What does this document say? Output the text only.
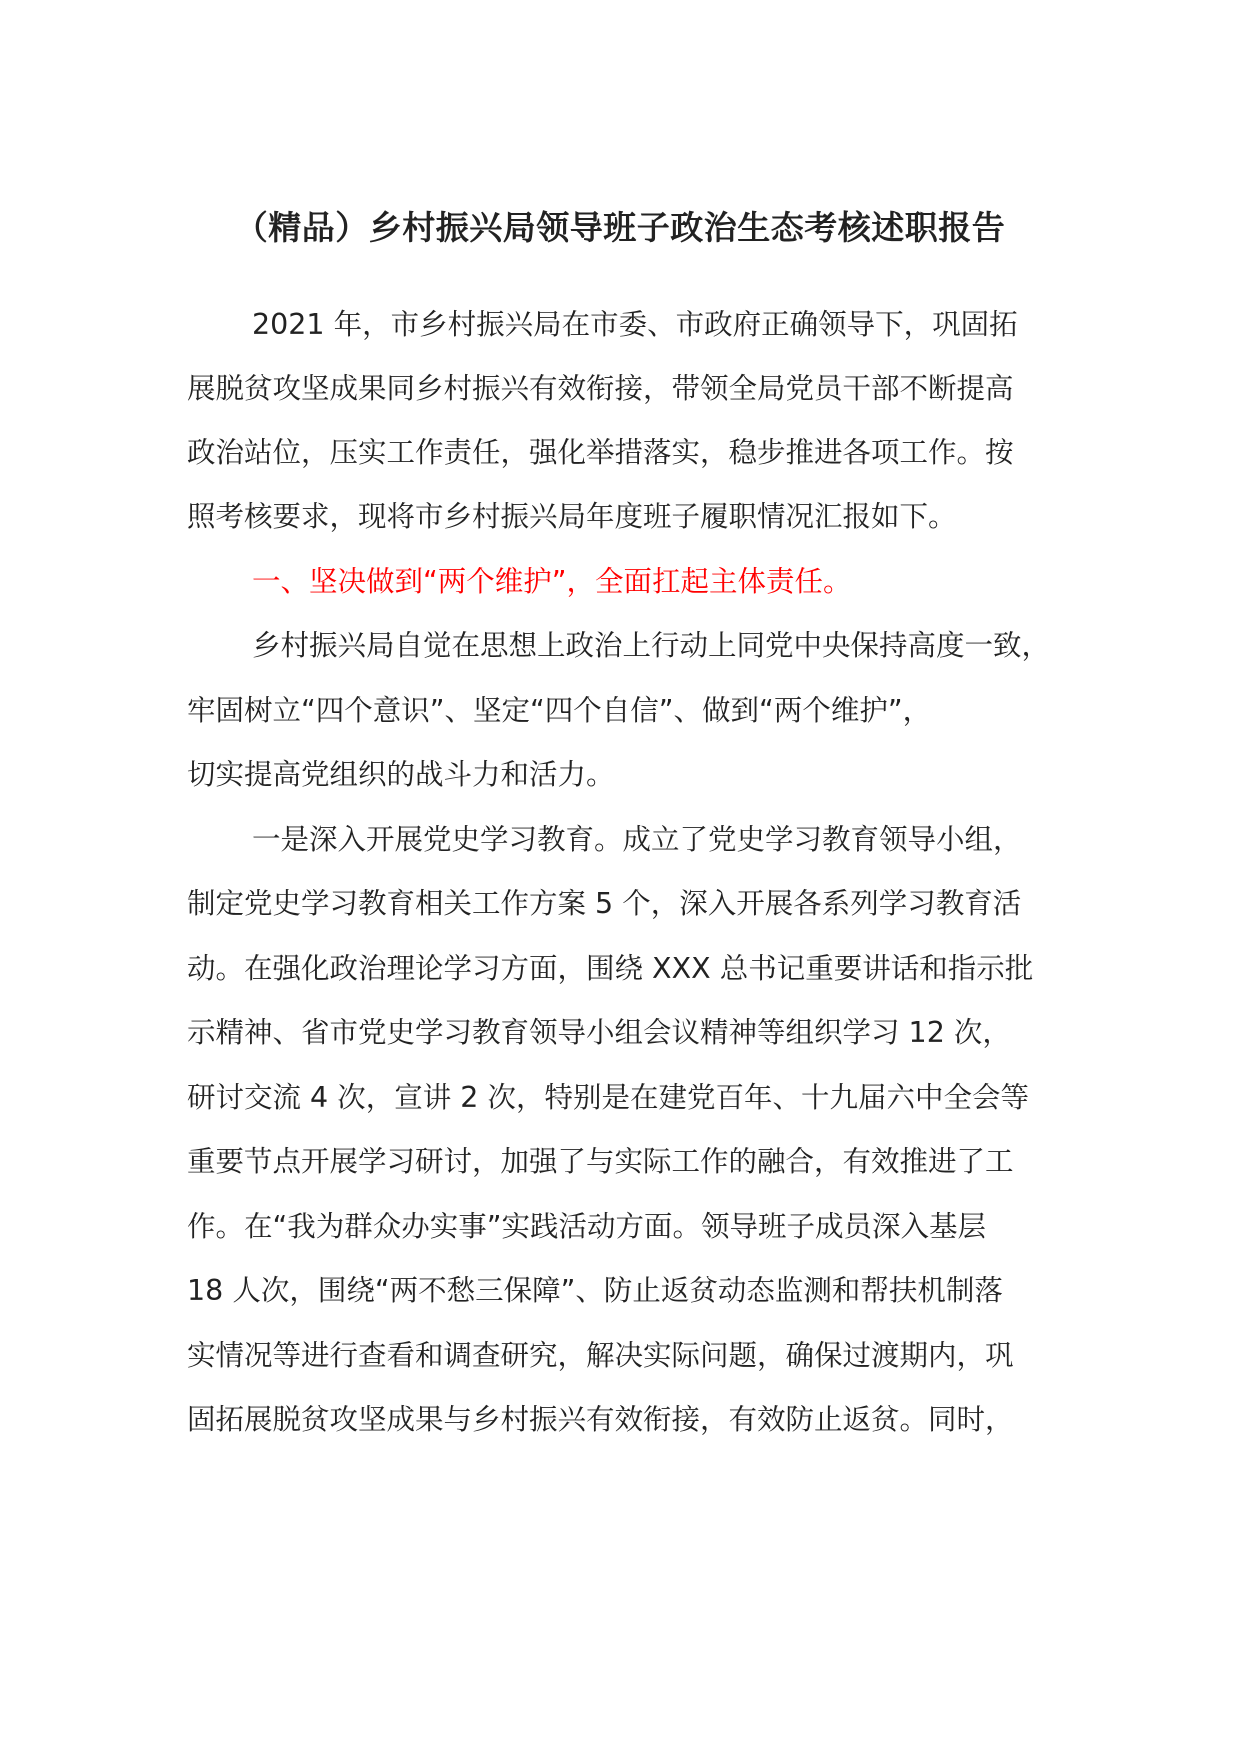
（精品）乡村振兴局领导班子政治生态考核述职报告
2021 年，市乡村振兴局在市委、市政府正确领导下，巩固拓
展脱贫攻坚成果同乡村振兴有效衔接，带领全局党员干部不断提高
政治站位，压实工作责任，强化举措落实，稳步推进各项工作。按
照考核要求，现将市乡村振兴局年度班子履职情况汇报如下。
一、坚决做到“两个维护”，全面扛起主体责任。
乡村振兴局自觉在思想上政治上行动上同党中央保持高度一致，
牢固树立“四个意识”、坚定“四个自信”、做到“两个维护”，
切实提高党组织的战斗力和活力。
一是深入开展党史学习教育。成立了党史学习教育领导小组，
制定党史学习教育相关工作方案 5 个，深入开展各系列学习教育活
动。在强化政治理论学习方面，围绕 XXX 总书记重要讲话和指示批
示精神、省市党史学习教育领导小组会议精神等组织学习 12 次，
研讨交流 4 次，宣讲 2 次，特别是在建党百年、十九届六中全会等
重要节点开展学习研讨，加强了与实际工作的融合，有效推进了工
作。在“我为群众办实事”实践活动方面。领导班子成员深入基层
18 人次，围绕“两不愁三保障”、防止返贫动态监测和帮扶机制落
实情况等进行查看和调查研究，解决实际问题，确保过渡期内，巩
固拓展脱贫攻坚成果与乡村振兴有效衔接，有效防止返贫。同时，
